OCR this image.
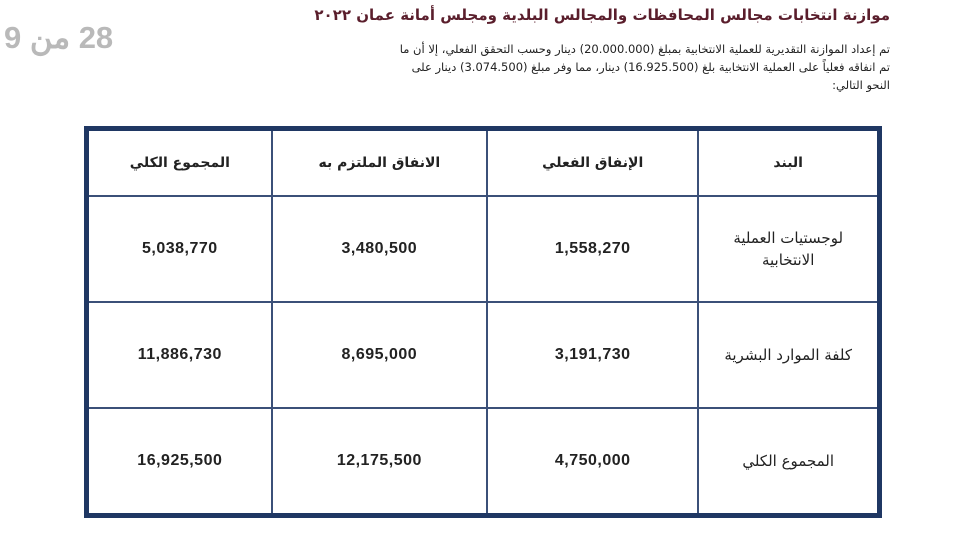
موازنة انتخابات مجالس المحافظات والمجالس البلدية ومجلس أمانة عمان ٢٠٢٢
28 من 9	تم إعداد الموازنة التقديرية للعملية الانتخابية بمبلغ (20.000.000) دينار وحسب التحقق الفعلي، إلا أن ما
تم انفاقه فعلياً على العملية الانتخابية بلغ (16.925.500) دينار، مما وفر مبلغ (3.074.500) دينار على
النحو التالي:
البند	الإنفاق الفعلي	الانفاق الملتزم به	المجموع الكلي
لوجستيات العملية الانتخابية	1,558,270	3,480,500	5,038,770
كلفة الموارد البشرية	3,191,730	8,695,000	11,886,730
المجموع الكلي	4,750,000	12,175,500	16,925,500
